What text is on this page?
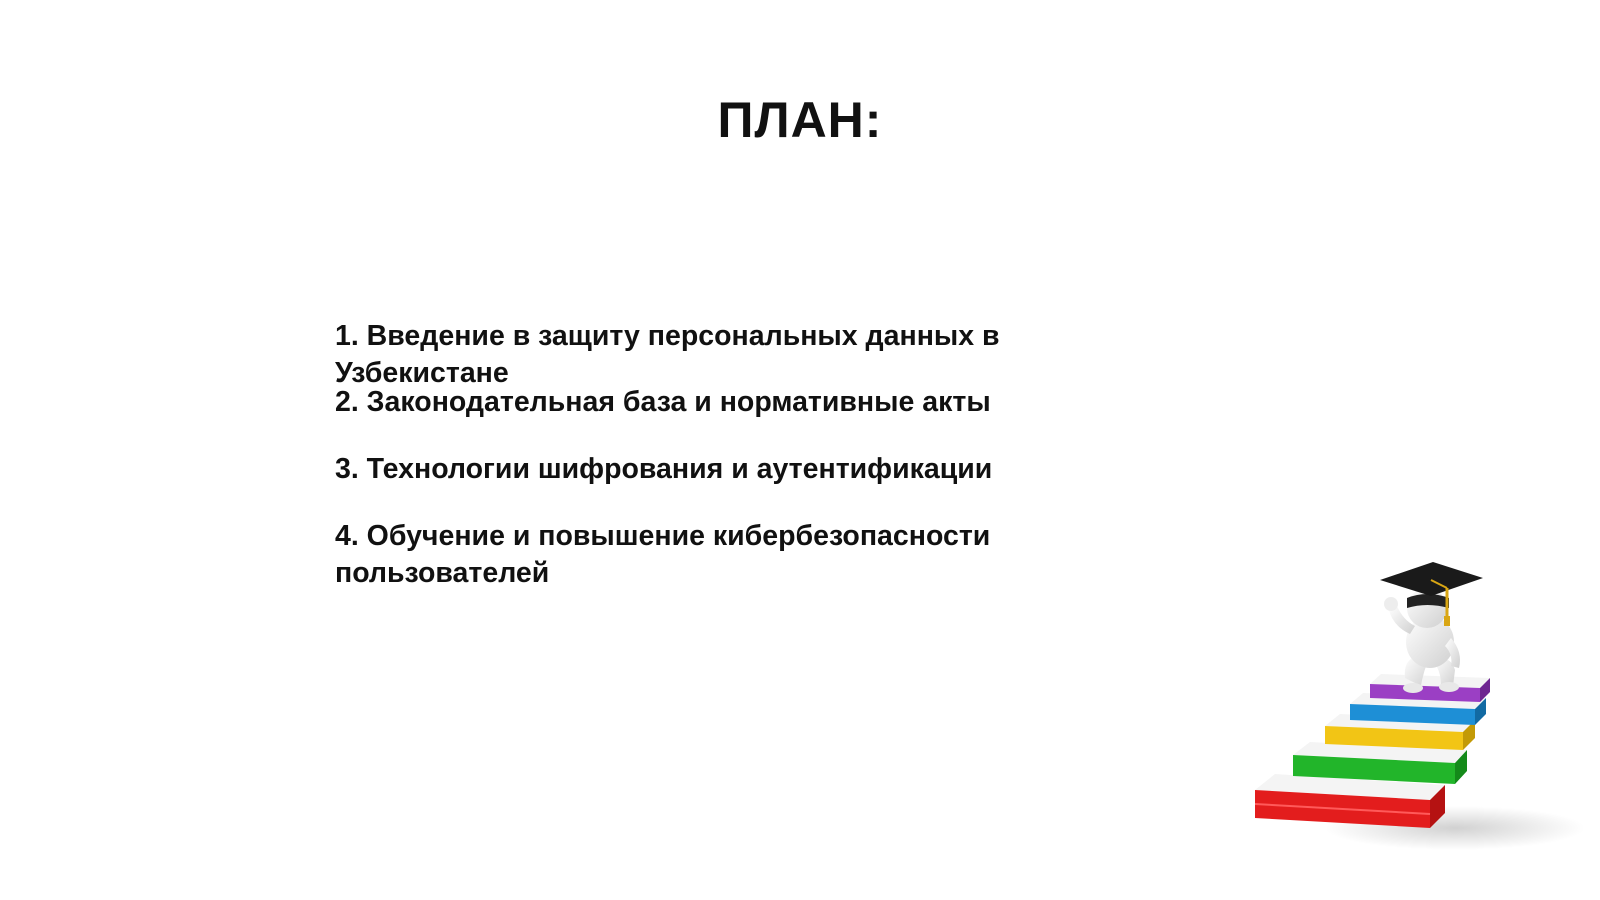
ПЛАН:
1. Введение в защиту персональных данных в Узбекистане
2. Законодательная база и нормативные акты
3. Технологии шифрования и аутентификации
4. Обучение и повышение кибербезопасности пользователей
